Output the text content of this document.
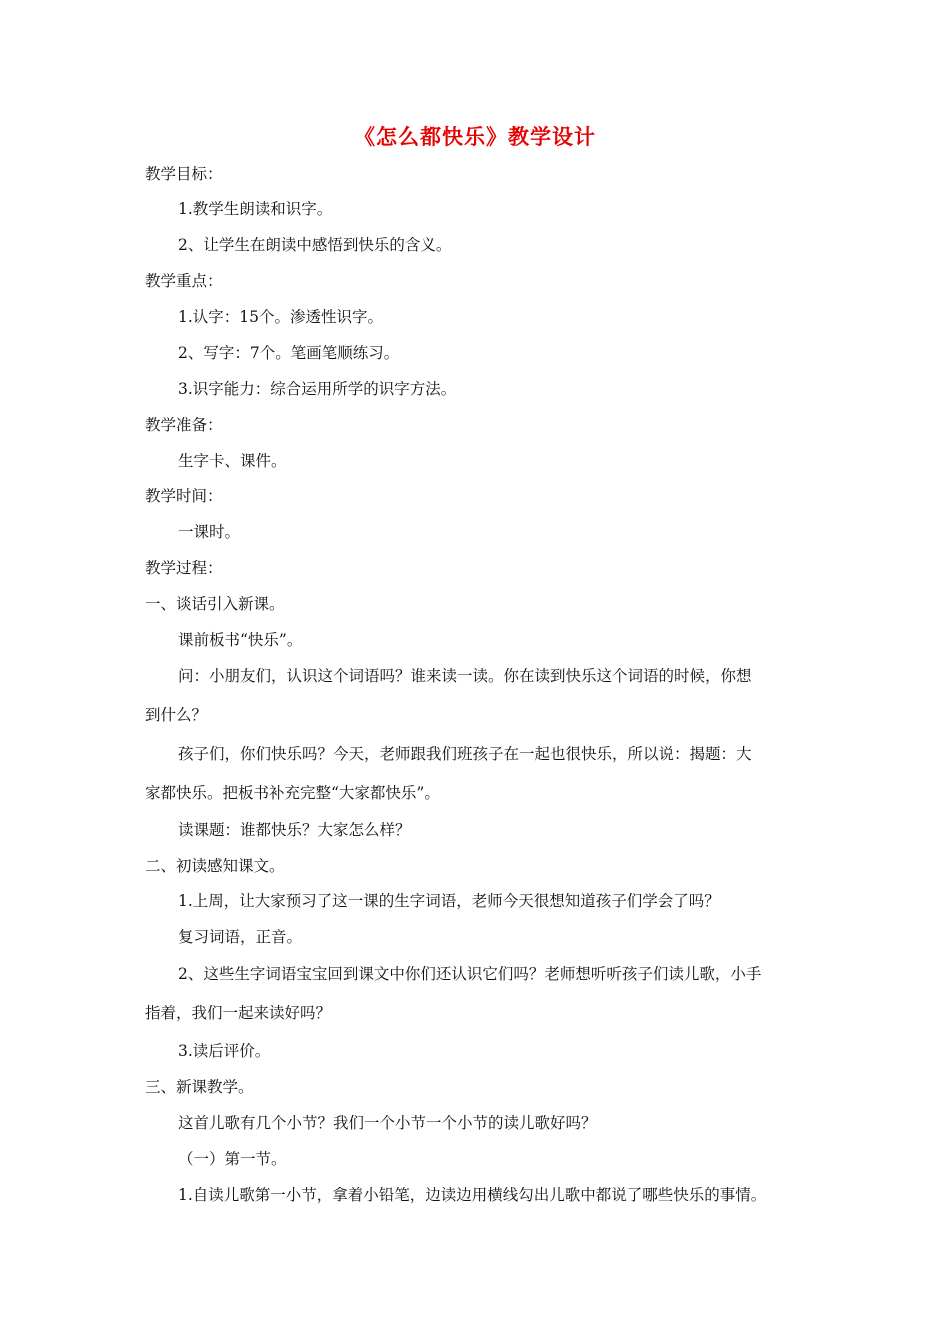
《怎么都快乐》教学设计
教学目标：
1.教学生朗读和识字。
2、让学生在朗读中感悟到快乐的含义。
教学重点：
1.认字：15个。渗透性识字。
2、写字：7个。笔画笔顺练习。
3.识字能力：综合运用所学的识字方法。
教学准备：
生字卡、课件。
教学时间：
一课时。
教学过程：
一、谈话引入新课。
课前板书“快乐”。
问：小朋友们，认识这个词语吗？谁来读一读。你在读到快乐这个词语的时候，你想
到什么？
孩子们，你们快乐吗？今天，老师跟我们班孩子在一起也很快乐，所以说：揭题：大
家都快乐。把板书补充完整“大家都快乐”。
读课题：谁都快乐？大家怎么样？
二、初读感知课文。
1.上周，让大家预习了这一课的生字词语，老师今天很想知道孩子们学会了吗？
复习词语，正音。
2、这些生字词语宝宝回到课文中你们还认识它们吗？老师想听听孩子们读儿歌，小手
指着，我们一起来读好吗？
3.读后评价。
三、新课教学。
这首儿歌有几个小节？我们一个小节一个小节的读儿歌好吗？
（一）第一节。
1.自读儿歌第一小节，拿着小铅笔，边读边用横线勾出儿歌中都说了哪些快乐的事情。
